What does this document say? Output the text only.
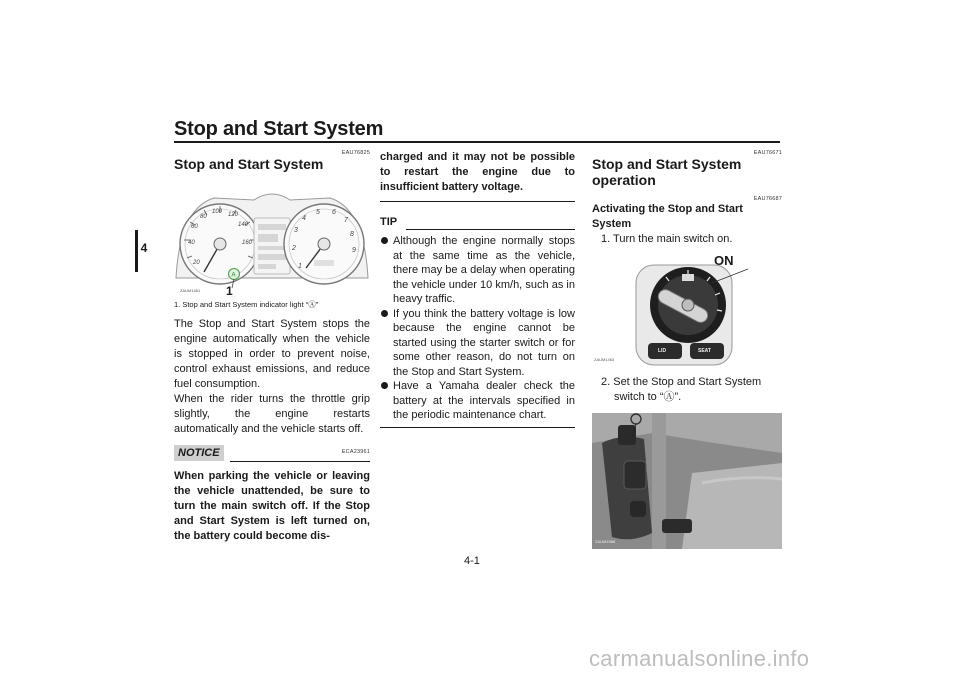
Stop and Start System
4
EAU76825
Stop and Start System
20
40
60
80
100 120
140
160
A
1
2
3
4
5 6
7
8
9
ZAUM1461 1
1. Stop and Start System indicator light “Ⓐ”

The Stop and Start System stops the engine automatically when the vehicle is stopped in order to prevent noise, control exhaust emissions, and reduce fuel consumption.

When the rider turns the throttle grip slightly, the engine restarts automatically and the vehicle starts off.

NOTICE	ECA23961

When parking the vehicle or leaving the vehicle unattended, be sure to turn the main switch off. If the Stop and Start System is left turned on, the battery could become dis-

charged and it may not be possible to restart the engine due to insufficient battery voltage.

TIP
Although the engine normally stops at the same time as the vehicle, there may be a delay when operating the vehicle under 10 km/h, such as in heavy traffic.
If you think the battery voltage is low because the engine cannot be started using the starter switch or for some other reason, do not turn on the Stop and Start System.
Have a Yamaha dealer check the battery at the intervals specified in the periodic maintenance chart.
EAU76671
Stop and Start System operation
EAU76687
Activating the Stop and Start System
1. Turn the main switch on.
ON
LID	SEAT
ZAUM1463
2. Set the Stop and Start System switch to “Ⓐ”.
ZAUM1588
4-1
carmanualsonline.info
